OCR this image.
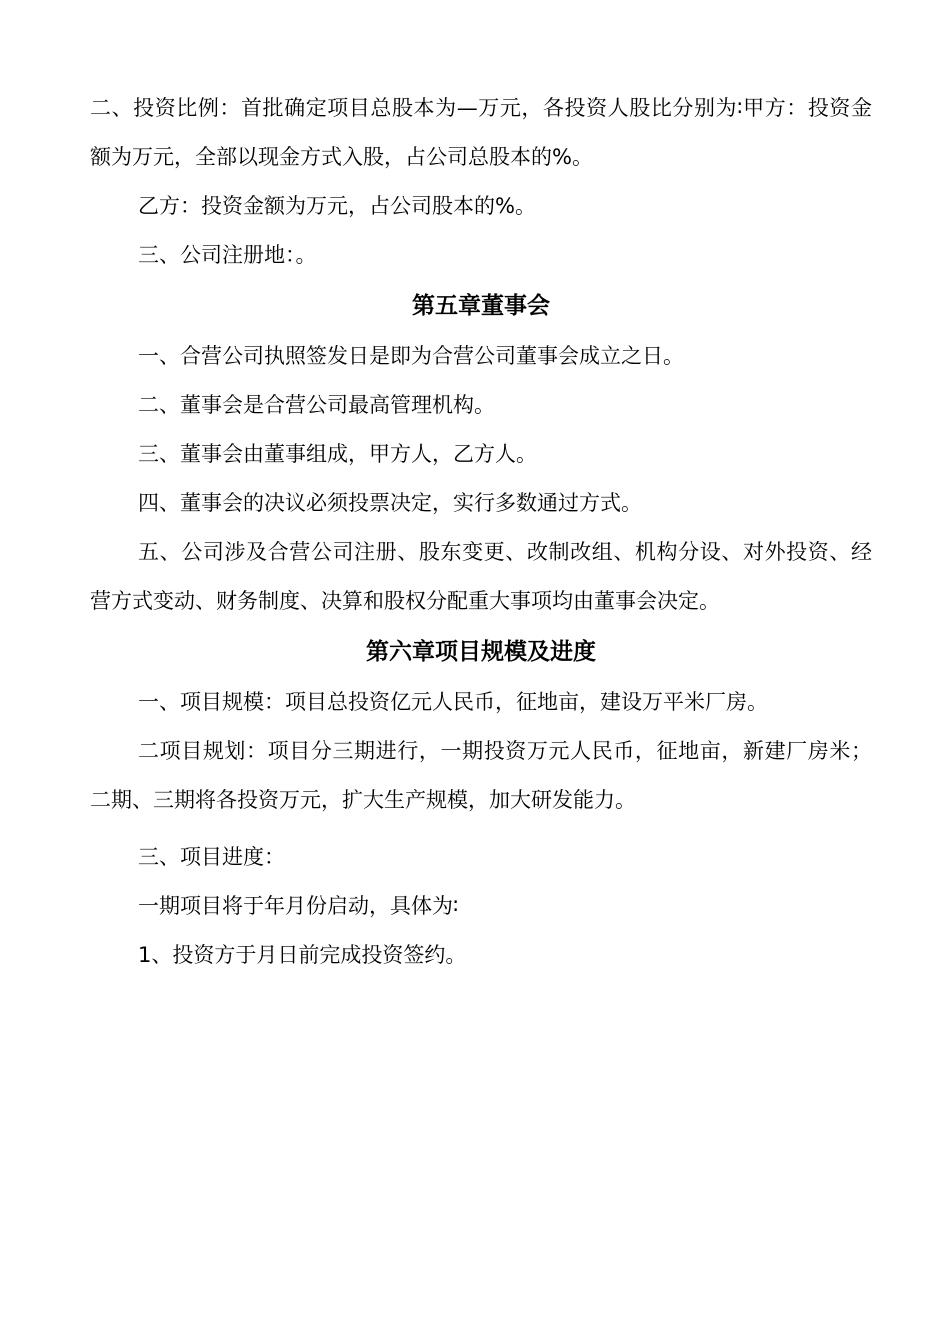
二、投资比例：首批确定项目总股本为—万元，各投资人股比分别为∶甲方：投资金额为万元，全部以现金方式入股，占公司总股本的%。

乙方：投资金额为万元，占公司股本的%。

三、公司注册地：。

第五章董事会

一、合营公司执照签发日是即为合营公司董事会成立之日。

二、董事会是合营公司最高管理机构。

三、董事会由董事组成，甲方人，乙方人。

四、董事会的决议必须投票决定，实行多数通过方式。

五、公司涉及合营公司注册、股东变更、改制改组、机构分设、对外投资、经营方式变动、财务制度、决算和股权分配重大事项均由董事会决定。

第六章项目规模及进度

一、项目规模：项目总投资亿元人民币，征地亩，建设万平米厂房。

二项目规划：项目分三期进行，一期投资万元人民币，征地亩，新建厂房米；二期、三期将各投资万元，扩大生产规模，加大研发能力。

三、项目进度：

一期项目将于年月份启动，具体为∶

1、投资方于月日前完成投资签约。
